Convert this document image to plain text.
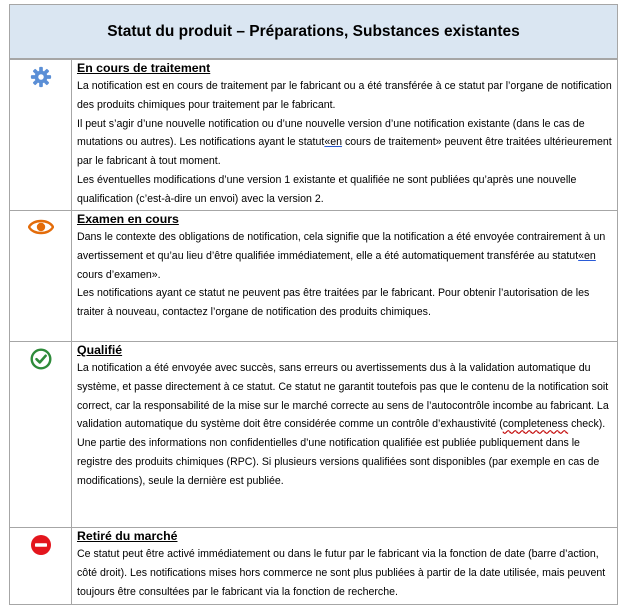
Statut du produit – Préparations, Substances existantes
En cours de traitement

La notification est en cours de traitement par le fabricant ou a été transférée à ce statut par l’organe de notification des produits chimiques pour traitement par le fabricant.

Il peut s’agir d’une nouvelle notification ou d’une nouvelle version d’une notification existante (dans le cas de mutations ou autres). Les notifications ayant le statut«en cours de traitement» peuvent être traitées ultérieurement par le fabricant à tout moment.

Les éventuelles modifications d’une version 1 existante et qualifiée ne sont publiées qu’après une nouvelle qualification (c’est-à-dire un envoi) avec la version 2.

Examen en cours

Dans le contexte des obligations de notification, cela signifie que la notification a été envoyée contrairement à un avertissement et qu’au lieu d’être qualifiée immédiatement, elle a été automatiquement transférée au statut«en cours d’examen».

Les notifications ayant ce statut ne peuvent pas être traitées par le fabricant. Pour obtenir l’autorisation de les traiter à nouveau, contactez l’organe de notification des produits chimiques.

Qualifié

La notification a été envoyée avec succès, sans erreurs ou avertissements dus à la validation automatique du système, et passe directement à ce statut. Ce statut ne garantit toutefois pas que le contenu de la notification soit correct, car la responsabilité de la mise sur le marché correcte au sens de l’autocontrôle incombe au fabricant. La validation automatique du système doit être considérée comme un contrôle d’exhaustivité (completeness check).

Une partie des informations non confidentielles d’une notification qualifiée est publiée publiquement dans le registre des produits chimiques (RPC). Si plusieurs versions qualifiées sont disponibles (par exemple en cas de modifications), seule la dernière est publiée.

Retiré du marché

Ce statut peut être activé immédiatement ou dans le futur par le fabricant via la fonction de date (barre d’action, côté droit). Les notifications mises hors commerce ne sont plus publiées à partir de la date utilisée, mais peuvent toujours être consultées par le fabricant via la fonction de recherche.
